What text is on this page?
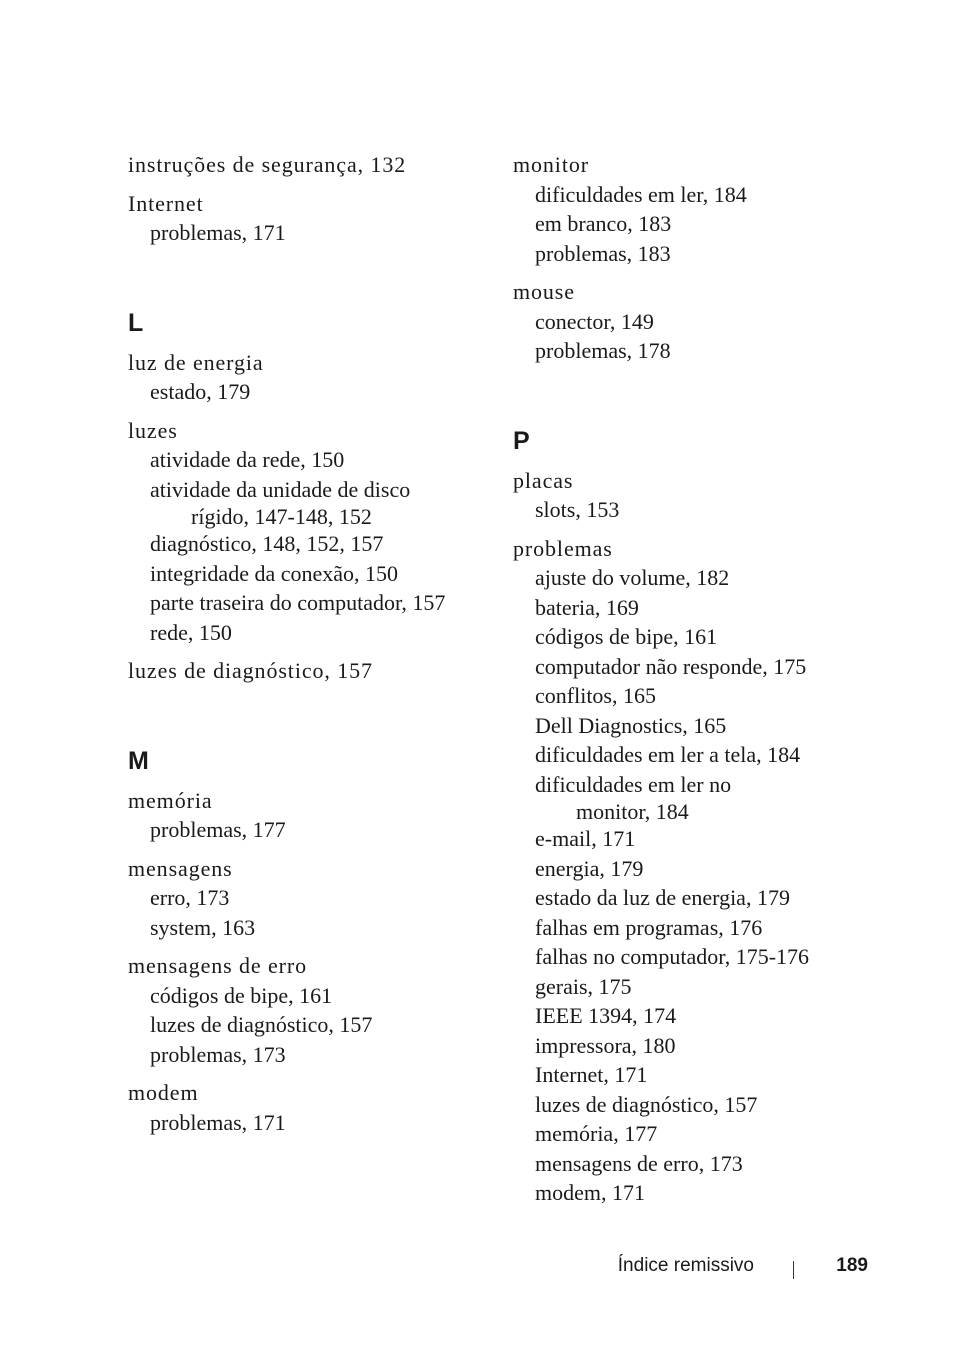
instruções de segurança, 132
Internet
problemas, 171
L
luz de energia
estado, 179
luzes
atividade da rede, 150
atividade da unidade de disco
rígido, 147-148, 152
diagnóstico, 148, 152, 157
integridade da conexão, 150
parte traseira do computador, 157
rede, 150
luzes de diagnóstico, 157
M
memória
problemas, 177
mensagens
erro, 173
system, 163
mensagens de erro
códigos de bipe, 161
luzes de diagnóstico, 157
problemas, 173
modem
problemas, 171
monitor
dificuldades em ler, 184
em branco, 183
problemas, 183
mouse
conector, 149
problemas, 178
P
placas
slots, 153
problemas
ajuste do volume, 182
bateria, 169
códigos de bipe, 161
computador não responde, 175
conflitos, 165
Dell Diagnostics, 165
dificuldades em ler a tela, 184
dificuldades em ler no
monitor, 184
e-mail, 171
energia, 179
estado da luz de energia, 179
falhas em programas, 176
falhas no computador, 175-176
gerais, 175
IEEE 1394, 174
impressora, 180
Internet, 171
luzes de diagnóstico, 157
memória, 177
mensagens de erro, 173
modem, 171
Índice remissivo	189
